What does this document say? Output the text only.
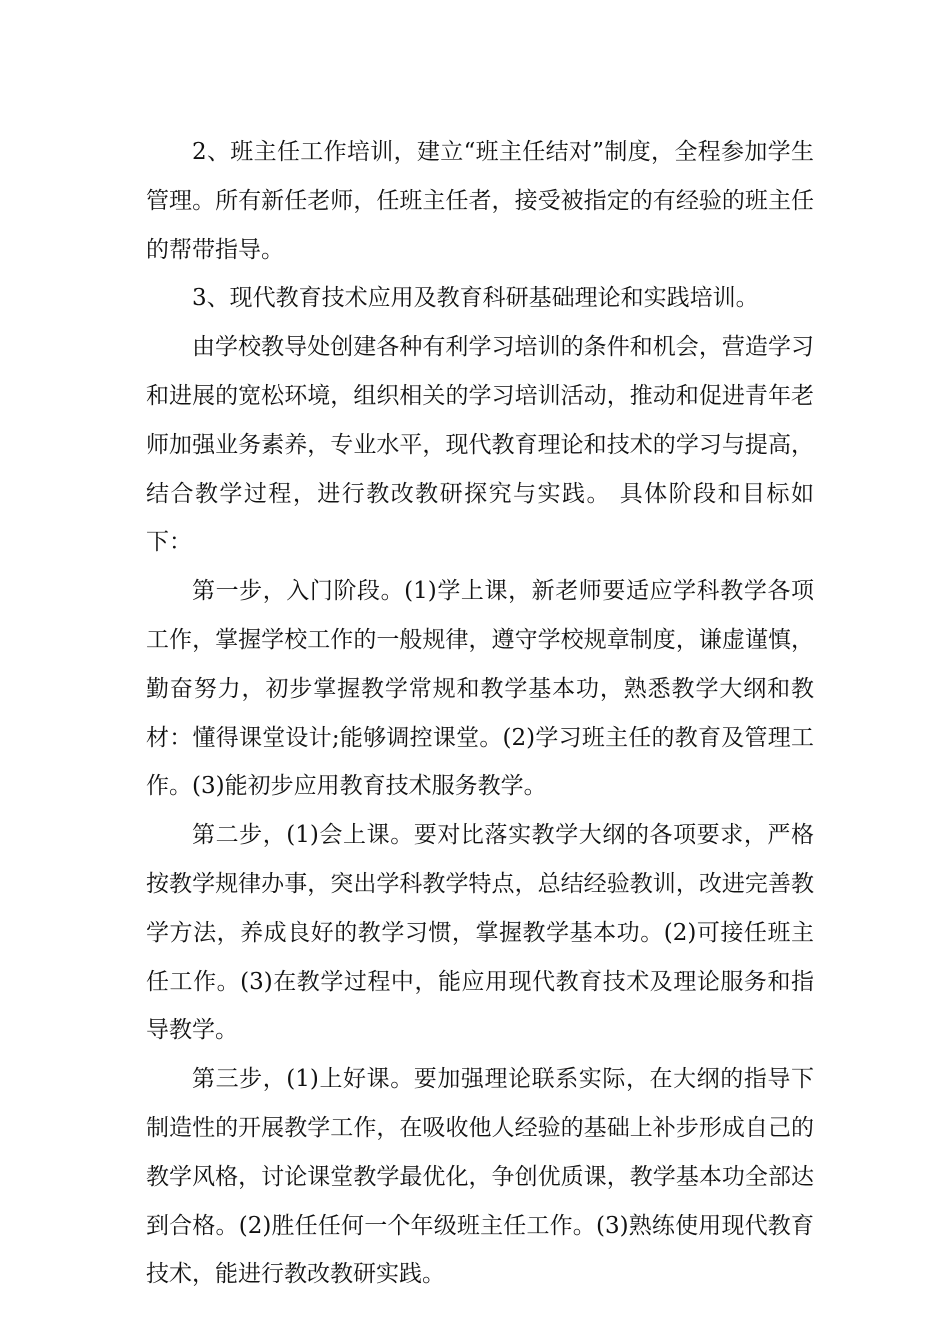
2、班主任工作培训，建立“班主任结对”制度，全程参加学生管理。所有新任老师，任班主任者，接受被指定的有经验的班主任的帮带指导。

3、现代教育技术应用及教育科研基础理论和实践培训。

由学校教导处创建各种有利学习培训的条件和机会，营造学习和进展的宽松环境，组织相关的学习培训活动，推动和促进青年老师加强业务素养，专业水平，现代教育理论和技术的学习与提高，结合教学过程，进行教改教研探究与实践。 具体阶段和目标如下：

第一步，入门阶段。(1)学上课，新老师要适应学科教学各项工作，掌握学校工作的一般规律，遵守学校规章制度，谦虚谨慎，勤奋努力，初步掌握教学常规和教学基本功，熟悉教学大纲和教材：懂得课堂设计;能够调控课堂。(2)学习班主任的教育及管理工作。(3)能初步应用教育技术服务教学。

第二步，(1)会上课。要对比落实教学大纲的各项要求，严格按教学规律办事，突出学科教学特点，总结经验教训，改进完善教学方法，养成良好的教学习惯，掌握教学基本功。(2)可接任班主任工作。(3)在教学过程中，能应用现代教育技术及理论服务和指导教学。

第三步，(1)上好课。要加强理论联系实际，在大纲的指导下制造性的开展教学工作，在吸收他人经验的基础上补步形成自己的教学风格，讨论课堂教学最优化，争创优质课，教学基本功全部达到合格。(2)胜任任何一个年级班主任工作。(3)熟练使用现代教育技术，能进行教改教研实践。
